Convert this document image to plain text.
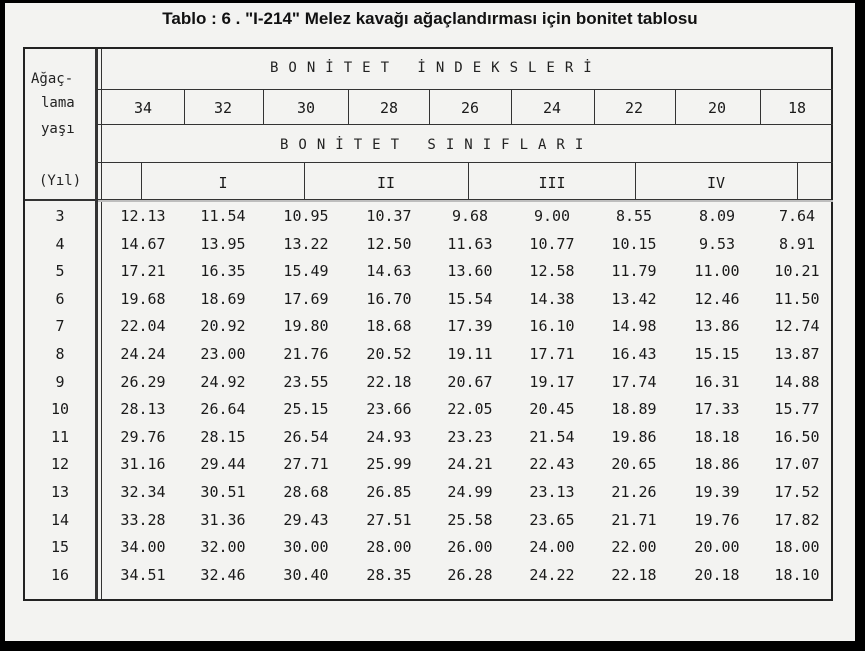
Tablo : 6 . "I-214" Melez kavağı ağaçlandırması için bonitet tablosu
Ağaç-
lama
yaşı
(Yıl)
BONİTET İNDEKSLERİ
BONİTET SINIFLARI
34	32	30	28	26	24	22	20	18
I	II	III	IV
3	12.13	11.54	10.95	10.37	9.68	9.00	8.55	8.09	7.64
4	14.67	13.95	13.22	12.50	11.63	10.77	10.15	9.53	8.91
5	17.21	16.35	15.49	14.63	13.60	12.58	11.79	11.00	10.21
6	19.68	18.69	17.69	16.70	15.54	14.38	13.42	12.46	11.50
7	22.04	20.92	19.80	18.68	17.39	16.10	14.98	13.86	12.74
8	24.24	23.00	21.76	20.52	19.11	17.71	16.43	15.15	13.87
9	26.29	24.92	23.55	22.18	20.67	19.17	17.74	16.31	14.88
10	28.13	26.64	25.15	23.66	22.05	20.45	18.89	17.33	15.77
11	29.76	28.15	26.54	24.93	23.23	21.54	19.86	18.18	16.50
12	31.16	29.44	27.71	25.99	24.21	22.43	20.65	18.86	17.07
13	32.34	30.51	28.68	26.85	24.99	23.13	21.26	19.39	17.52
14	33.28	31.36	29.43	27.51	25.58	23.65	21.71	19.76	17.82
15	34.00	32.00	30.00	28.00	26.00	24.00	22.00	20.00	18.00
16	34.51	32.46	30.40	28.35	26.28	24.22	22.18	20.18	18.10
